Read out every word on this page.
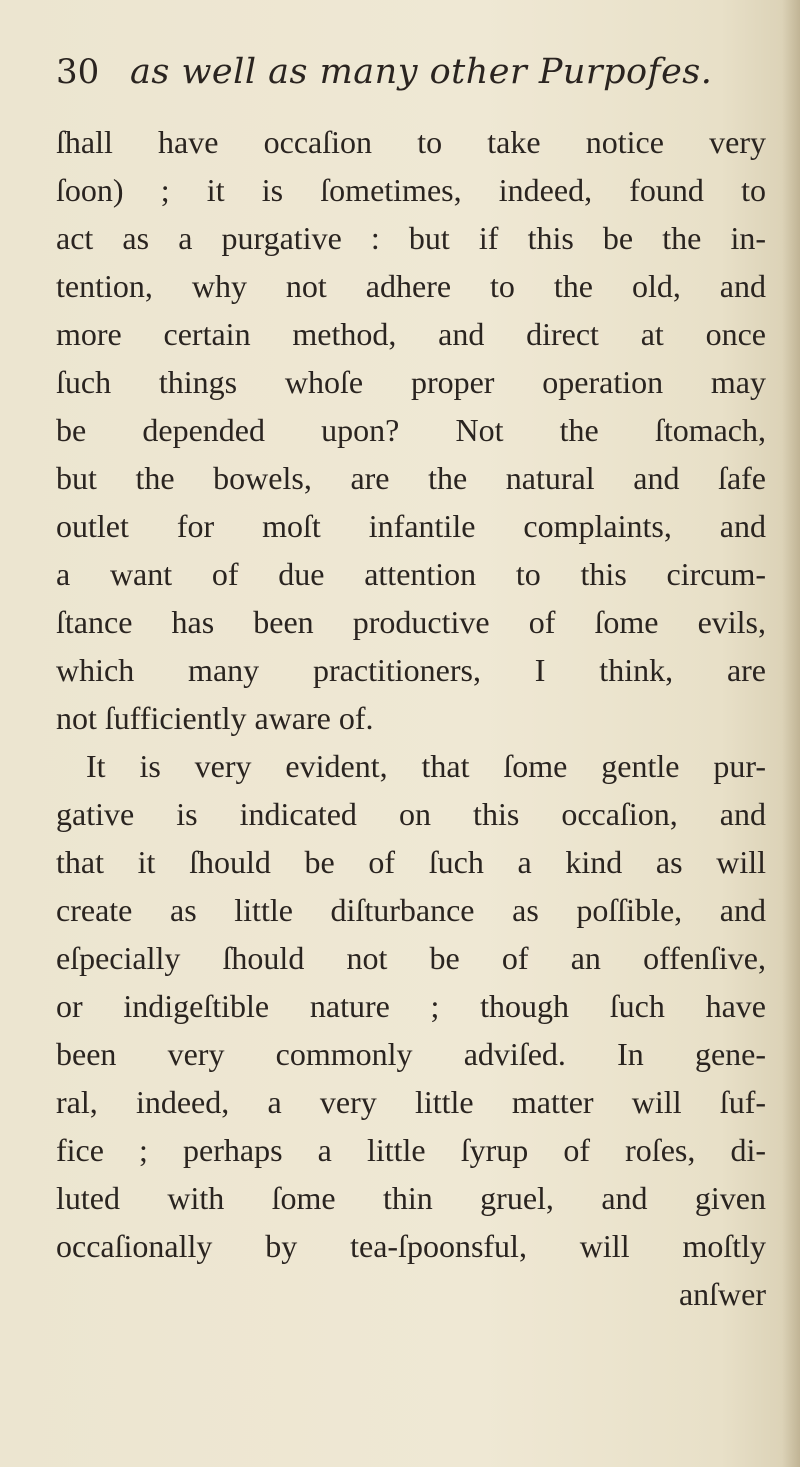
30 as well as many other Purpofes.
ſhall have occaſion to take notice very
ſoon) ; it is ſometimes, indeed, found to
act as a purgative : but if this be the in-
tention, why not adhere to the old, and
more certain method, and direct at once
ſuch things whoſe proper operation may
be depended upon? Not the ſtomach,
but the bowels, are the natural and ſafe
outlet for moſt infantile complaints, and
a want of due attention to this circum-
ſtance has been productive of ſome evils,
which many practitioners, I think, are
not ſufficiently aware of.
It is very evident, that ſome gentle pur-
gative is indicated on this occaſion, and
that it ſhould be of ſuch a kind as will
create as little diſturbance as poſſible, and
eſpecially ſhould not be of an offenſive,
or indigeſtible nature ; though ſuch have
been very commonly adviſed. In gene-
ral, indeed, a very little matter will ſuf-
fice ; perhaps a little ſyrup of roſes, di-
luted with ſome thin gruel, and given
occaſionally by tea-ſpoonsful, will moſtly
anſwer
